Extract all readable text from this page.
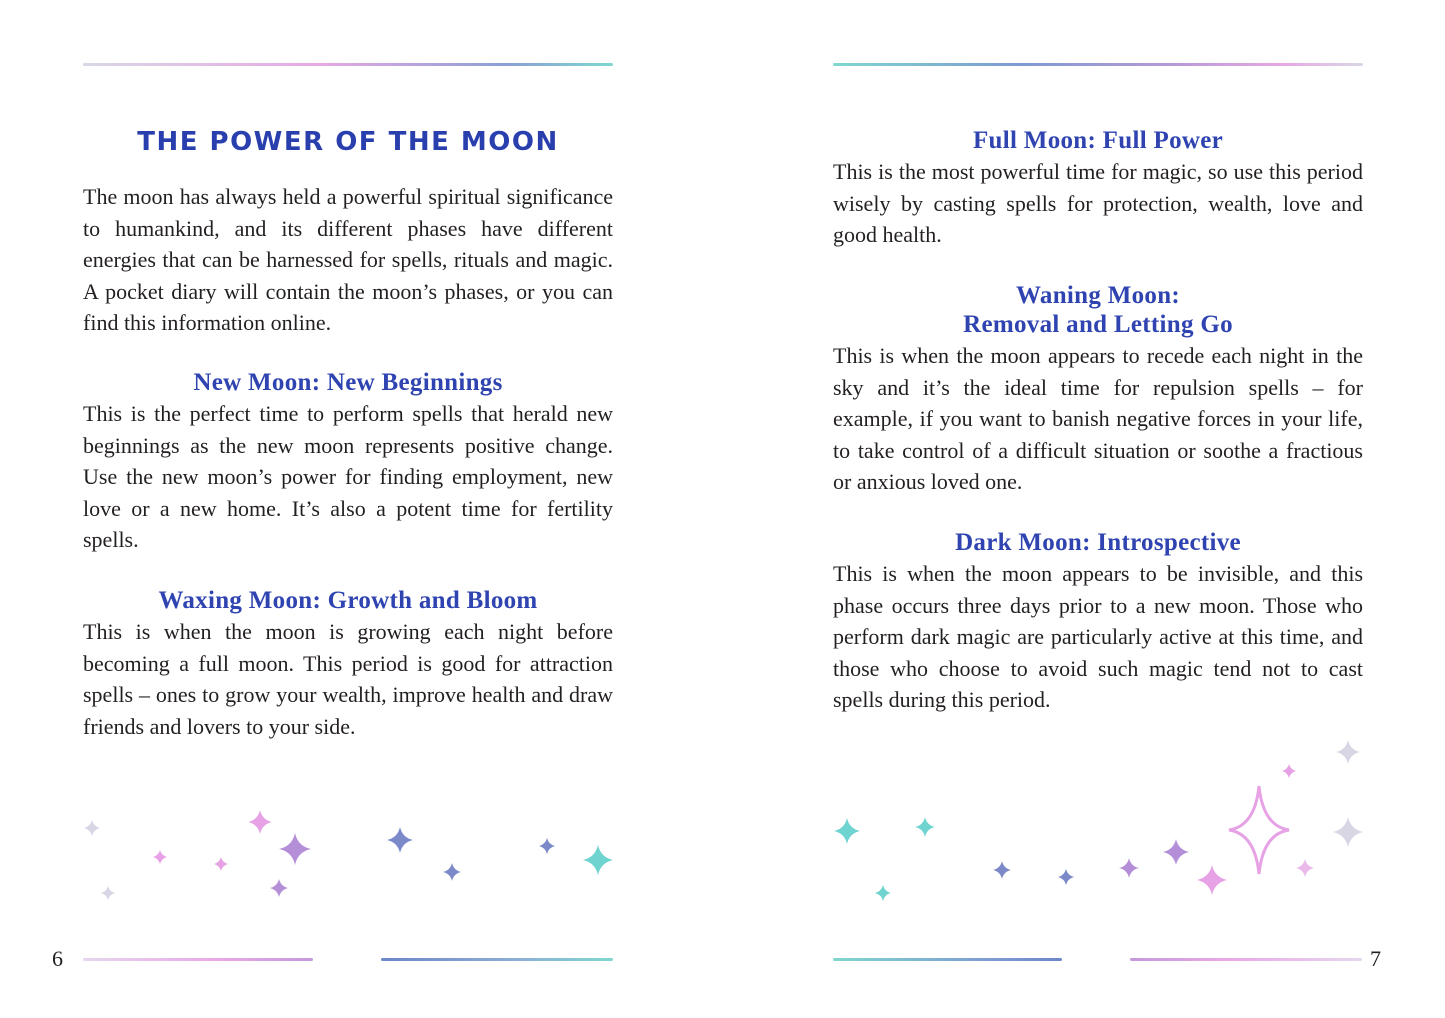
THE POWER OF THE MOON

The moon has always held a powerful spiritual significance to humankind, and its different phases have different energies that can be harnessed for spells, rituals and magic. A pocket diary will contain the moon’s phases, or you can find this information online.

New Moon: New Beginnings

This is the perfect time to perform spells that herald new beginnings as the new moon represents positive change. Use the new moon’s power for finding employment, new love or a new home. It’s also a potent time for fertility spells.

Waxing Moon: Growth and Bloom

This is when the moon is growing each night before becoming a full moon. This period is good for attraction spells – ones to grow your wealth, improve health and draw friends and lovers to your side.

6
Full Moon: Full Power

This is the most powerful time for magic, so use this period wisely by casting spells for protection, wealth, love and good health.

Waning Moon:
Removal and Letting Go

This is when the moon appears to recede each night in the sky and it’s the ideal time for repulsion spells – for example, if you want to banish negative forces in your life, to take control of a difficult situation or soothe a fractious or anxious loved one.

Dark Moon: Introspective

This is when the moon appears to be invisible, and this phase occurs three days prior to a new moon. Those who perform dark magic are particularly active at this time, and those who choose to avoid such magic tend not to cast spells during this period.

7
